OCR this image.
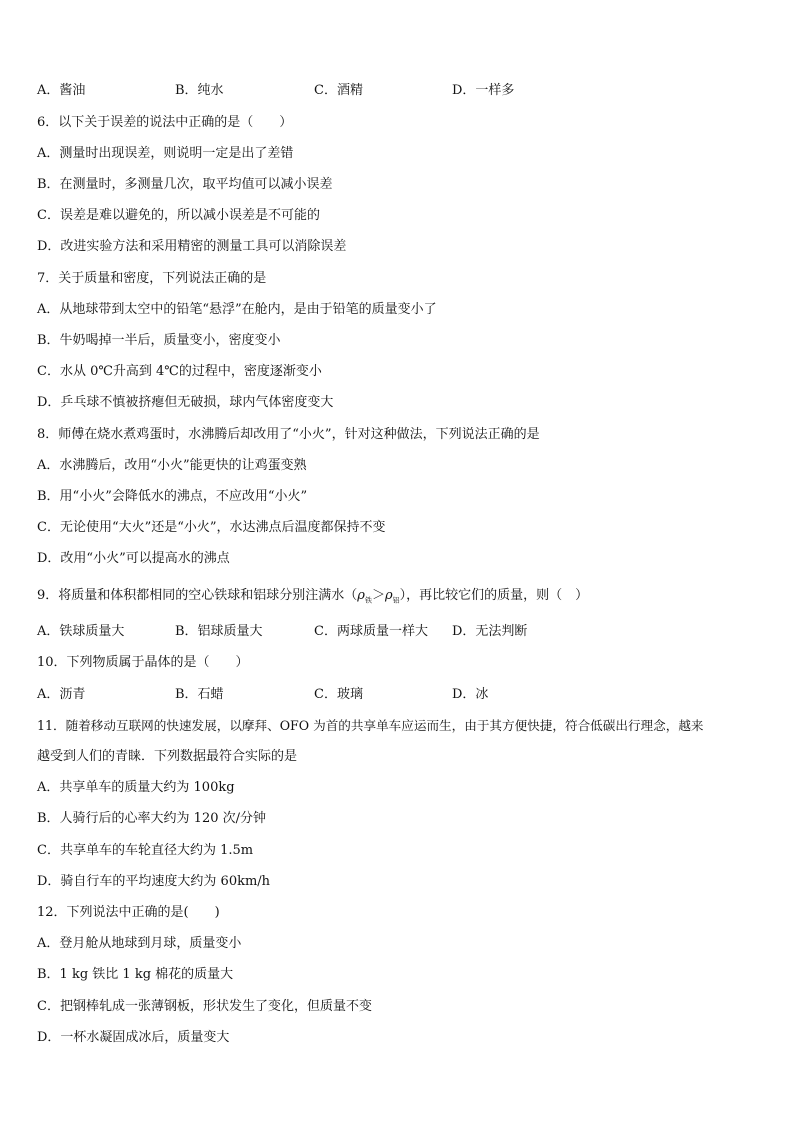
A．酱油	B．纯水	C．酒精	D．一样多
6．以下关于误差的说法中正确的是（　　）
A．测量时出现误差，则说明一定是出了差错
B．在测量时，多测量几次，取平均值可以减小误差
C．误差是难以避免的，所以减小误差是不可能的
D．改进实验方法和采用精密的测量工具可以消除误差
7．关于质量和密度，下列说法正确的是
A．从地球带到太空中的铅笔“悬浮”在舱内，是由于铅笔的质量变小了
B．牛奶喝掉一半后，质量变小，密度变小
C．水从 0℃升高到 4℃的过程中，密度逐渐变小
D．乒乓球不慎被挤瘪但无破损，球内气体密度变大
8．师傅在烧水煮鸡蛋时，水沸腾后却改用了“小火”，针对这种做法，下列说法正确的是
A．水沸腾后，改用“小火”能更快的让鸡蛋变熟
B．用“小火”会降低水的沸点，不应改用“小火”
C．无论使用“大火”还是“小火”，水达沸点后温度都保持不变
D．改用“小火”可以提高水的沸点
9．将质量和体积都相同的空心铁球和铝球分别注满水$(\rho_铁>\rho_铝)$，再比较它们的质量，则（　）
A．铁球质量大	B．铝球质量大	C．两球质量一样大 D．无法判断
10．下列物质属于晶体的是（　　）
A．沥青	B．石蜡	C．玻璃	D．冰
11．随着移动互联网的快速发展，以摩拜、OFO 为首的共享单车应运而生，由于其方便快捷，符合低碳出行理念，越来
越受到人们的青睐．下列数据最符合实际的是
A．共享单车的质量大约为 100kg
B．人骑行后的心率大约为 120 次/分钟
C．共享单车的车轮直径大约为 1.5m
D．骑自行车的平均速度大约为 60km/h
12．下列说法中正确的是(　　)
A．登月舱从地球到月球，质量变小
B．1 kg 铁比 1 kg 棉花的质量大
C．把钢棒轧成一张薄钢板，形状发生了变化，但质量不变
D．一杯水凝固成冰后，质量变大
